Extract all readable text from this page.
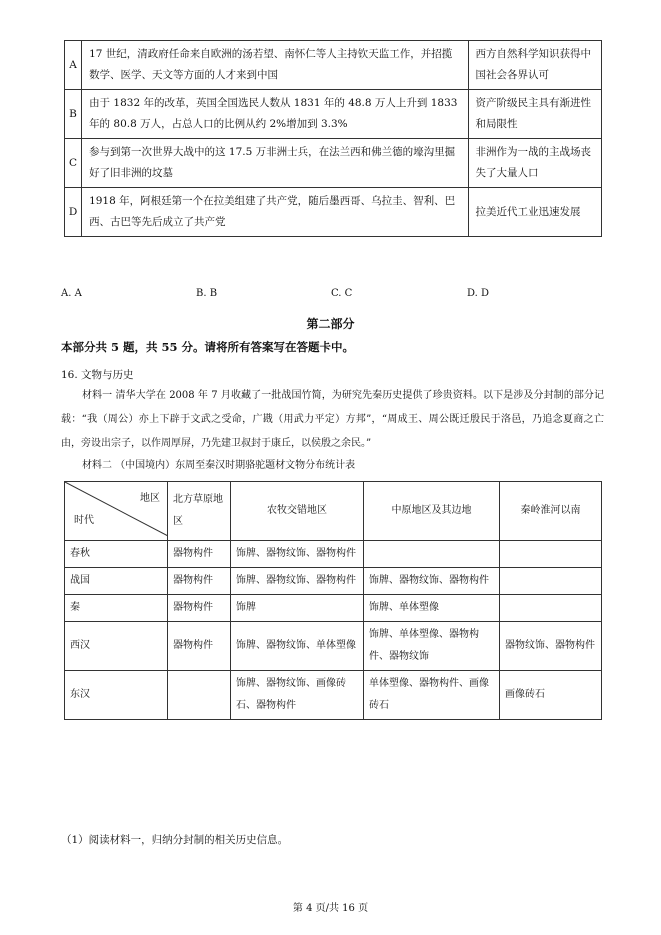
A	17 世纪，清政府任命来自欧洲的汤若望、南怀仁等人主持钦天监工作，并招揽数学、医学、天文等方面的人才来到中国	西方自然科学知识获得中国社会各界认可
B	由于 1832 年的改革，英国全国选民人数从 1831 年的 48.8 万人上升到 1833 年的 80.8 万人，占总人口的比例从约 2%增加到 3.3%	资产阶级民主具有渐进性和局限性
C	参与到第一次世界大战中的这 17.5 万非洲士兵，在法兰西和佛兰德的壕沟里掘好了旧非洲的坟墓	非洲作为一战的主战场丧失了大量人口
D	1918 年，阿根廷第一个在拉美组建了共产党，随后墨西哥、乌拉圭、智利、巴西、古巴等先后成立了共产党	拉美近代工业迅速发展
A. A	B. B	C. C	D. D
第二部分
本部分共 5 题，共 55 分。请将所有答案写在答题卡中。
16. 文物与历史

材料一 清华大学在 2008 年 7 月收藏了一批战国竹简，为研究先秦历史提供了珍贵资料。以下是涉及分封制的部分记载：“我（周公）亦上下辟于文武之受命，广戡（用武力平定）方邦”，“周成王、周公既迁殷民于洛邑，乃追念夏商之亡由，旁设出宗子，以作周厚屏，乃先建卫叔封于康丘，以侯殷之余民。”

材料二 （中国境内）东周至秦汉时期骆驼题材文物分布统计表

地区
时代	北方草原地区	农牧交错地区	中原地区及其边地	秦岭淮河以南
春秋	器物构件	饰牌、器物纹饰、器物构件		
战国	器物构件	饰牌、器物纹饰、器物构件	饰牌、器物纹饰、器物构件	
秦	器物构件	饰牌	饰牌、单体塑像	
西汉	器物构件	饰牌、器物纹饰、单体塑像	饰牌、单体塑像、器物构件、器物纹饰	器物纹饰、器物构件
东汉		饰牌、器物纹饰、画像砖石、器物构件	单体塑像、器物构件、画像砖石	画像砖石
（1）阅读材料一，归纳分封制的相关历史信息。
第 4 页/共 16 页
